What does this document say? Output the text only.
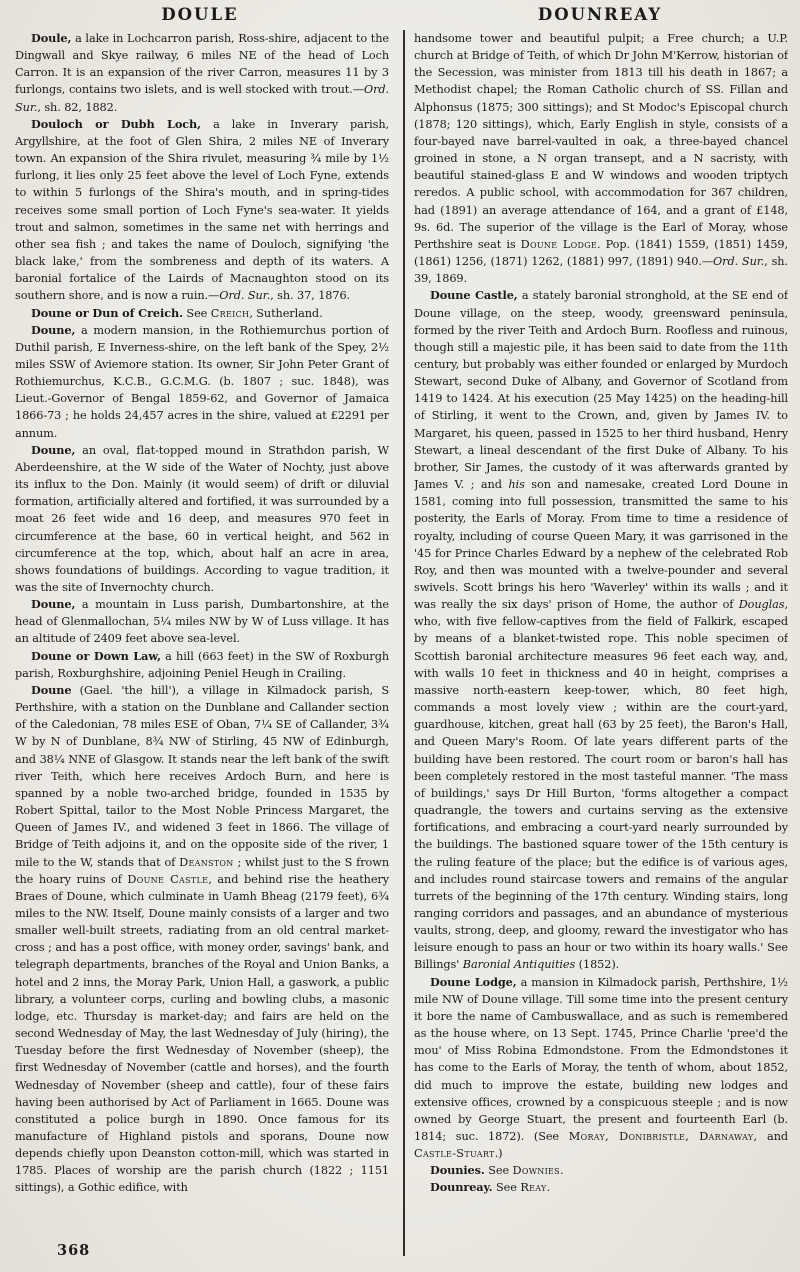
DOULE	DOUNREAY

Doule, a lake in Lochcarron parish, Ross-shire, adjacent to the Dingwall and Skye railway, 6 miles NE of the head of Loch Carron. It is an expansion of the river Carron, measures 11 by 3 furlongs, contains two islets, and is well stocked with trout.—Ord. Sur., sh. 82, 1882.

Douloch or Dubh Loch, a lake in Inverary parish, Argyllshire, at the foot of Glen Shira, 2 miles NE of Inverary town. An expansion of the Shira rivulet, measuring ¾ mile by 1½ furlong, it lies only 25 feet above the level of Loch Fyne, extends to within 5 furlongs of the Shira's mouth, and in spring-tides receives some small portion of Loch Fyne's sea-water. It yields trout and salmon, sometimes in the same net with herrings and other sea fish ; and takes the name of Douloch, signifying 'the black lake,' from the sombreness and depth of its waters. A baronial fortalice of the Lairds of Macnaughton stood on its southern shore, and is now a ruin.—Ord. Sur., sh. 37, 1876.

Doune or Dun of Creich. See Creich, Sutherland.

Doune, a modern mansion, in the Rothiemurchus portion of Duthil parish, E Inverness-shire, on the left bank of the Spey, 2½ miles SSW of Aviemore station. Its owner, Sir John Peter Grant of Rothiemurchus, K.C.B., G.C.M.G. (b. 1807 ; suc. 1848), was Lieut.-Governor of Bengal 1859-62, and Governor of Jamaica 1866-73 ; he holds 24,457 acres in the shire, valued at £2291 per annum.

Doune, an oval, flat-topped mound in Strathdon parish, W Aberdeenshire, at the W side of the Water of Nochty, just above its influx to the Don. Mainly (it would seem) of drift or diluvial formation, artificially altered and fortified, it was surrounded by a moat 26 feet wide and 16 deep, and measures 970 feet in circumference at the base, 60 in vertical height, and 562 in circumference at the top, which, about half an acre in area, shows foundations of buildings. According to vague tradition, it was the site of Invernochty church.

Doune, a mountain in Luss parish, Dumbartonshire, at the head of Glenmallochan, 5¼ miles NW by W of Luss village. It has an altitude of 2409 feet above sea-level.

Doune or Down Law, a hill (663 feet) in the SW of Roxburgh parish, Roxburghshire, adjoining Peniel Heugh in Crailing.

Doune (Gael. 'the hill'), a village in Kilmadock parish, S Perthshire, with a station on the Dunblane and Callander section of the Caledonian, 78 miles ESE of Oban, 7¼ SE of Callander, 3¾ W by N of Dunblane, 8¾ NW of Stirling, 45 NW of Edinburgh, and 38¼ NNE of Glasgow. It stands near the left bank of the swift river Teith, which here receives Ardoch Burn, and here is spanned by a noble two-arched bridge, founded in 1535 by Robert Spittal, tailor to the Most Noble Princess Margaret, the Queen of James IV., and widened 3 feet in 1866. The village of Bridge of Teith adjoins it, and on the opposite side of the river, 1 mile to the W, stands that of Deanston ; whilst just to the S frown the hoary ruins of Doune Castle, and behind rise the heathery Braes of Doune, which culminate in Uamh Bheag (2179 feet), 6¾ miles to the NW. Itself, Doune mainly consists of a larger and two smaller well-built streets, radiating from an old central market-cross ; and has a post office, with money order, savings' bank, and telegraph departments, branches of the Royal and Union Banks, a hotel and 2 inns, the Moray Park, Union Hall, a gaswork, a public library, a volunteer corps, curling and bowling clubs, a masonic lodge, etc. Thursday is market-day; and fairs are held on the second Wednesday of May, the last Wednesday of July (hiring), the Tuesday before the first Wednesday of November (sheep), the first Wednesday of November (cattle and horses), and the fourth Wednesday of November (sheep and cattle), four of these fairs having been authorised by Act of Parliament in 1665. Doune was constituted a police burgh in 1890. Once famous for its manufacture of Highland pistols and sporans, Doune now depends chiefly upon Deanston cotton-mill, which was started in 1785. Places of worship are the parish church (1822 ; 1151 sittings), a Gothic edifice, with

handsome tower and beautiful pulpit; a Free church; a U.P. church at Bridge of Teith, of which Dr John M'Kerrow, historian of the Secession, was minister from 1813 till his death in 1867; a Methodist chapel; the Roman Catholic church of SS. Fillan and Alphonsus (1875; 300 sittings); and St Modoc's Episcopal church (1878; 120 sittings), which, Early English in style, consists of a four-bayed nave barrel-vaulted in oak, a three-bayed chancel groined in stone, a N organ transept, and a N sacristy, with beautiful stained-glass E and W windows and wooden triptych reredos. A public school, with accommodation for 367 children, had (1891) an average attendance of 164, and a grant of £148, 9s. 6d. The superior of the village is the Earl of Moray, whose Perthshire seat is Doune Lodge. Pop. (1841) 1559, (1851) 1459, (1861) 1256, (1871) 1262, (1881) 997, (1891) 940.—Ord. Sur., sh. 39, 1869.

Doune Castle, a stately baronial stronghold, at the SE end of Doune village, on the steep, woody, greensward peninsula, formed by the river Teith and Ardoch Burn. Roofless and ruinous, though still a majestic pile, it has been said to date from the 11th century, but probably was either founded or enlarged by Murdoch Stewart, second Duke of Albany, and Governor of Scotland from 1419 to 1424. At his execution (25 May 1425) on the heading-hill of Stirling, it went to the Crown, and, given by James IV. to Margaret, his queen, passed in 1525 to her third husband, Henry Stewart, a lineal descendant of the first Duke of Albany. To his brother, Sir James, the custody of it was afterwards granted by James V. ; and his son and namesake, created Lord Doune in 1581, coming into full possession, transmitted the same to his posterity, the Earls of Moray. From time to time a residence of royalty, including of course Queen Mary, it was garrisoned in the '45 for Prince Charles Edward by a nephew of the celebrated Rob Roy, and then was mounted with a twelve-pounder and several swivels. Scott brings his hero 'Waverley' within its walls ; and it was really the six days' prison of Home, the author of Douglas, who, with five fellow-captives from the field of Falkirk, escaped by means of a blanket-twisted rope. This noble specimen of Scottish baronial architecture measures 96 feet each way, and, with walls 10 feet in thickness and 40 in height, comprises a massive north-eastern keep-tower, which, 80 feet high, commands a most lovely view ; within are the court-yard, guardhouse, kitchen, great hall (63 by 25 feet), the Baron's Hall, and Queen Mary's Room. Of late years different parts of the building have been restored. The court room or baron's hall has been completely restored in the most tasteful manner. 'The mass of buildings,' says Dr Hill Burton, 'forms altogether a compact quadrangle, the towers and curtains serving as the extensive fortifications, and embracing a court-yard nearly surrounded by the buildings. The bastioned square tower of the 15th century is the ruling feature of the place; but the edifice is of various ages, and includes round staircase towers and remains of the angular turrets of the beginning of the 17th century. Winding stairs, long ranging corridors and passages, and an abundance of mysterious vaults, strong, deep, and gloomy, reward the investigator who has leisure enough to pass an hour or two within its hoary walls.' See Billings' Baronial Antiquities (1852).

Doune Lodge, a mansion in Kilmadock parish, Perthshire, 1½ mile NW of Doune village. Till some time into the present century it bore the name of Cambuswallace, and as such is remembered as the house where, on 13 Sept. 1745, Prince Charlie 'pree'd the mou' of Miss Robina Edmondstone. From the Edmondstones it has come to the Earls of Moray, the tenth of whom, about 1852, did much to improve the estate, building new lodges and extensive offices, crowned by a conspicuous steeple ; and is now owned by George Stuart, the present and fourteenth Earl (b. 1814; suc. 1872). (See Moray, Donibristle, Darnaway, and Castle-Stuart.)

Dounies. See Downies.

Dounreay. See Reay.

368
